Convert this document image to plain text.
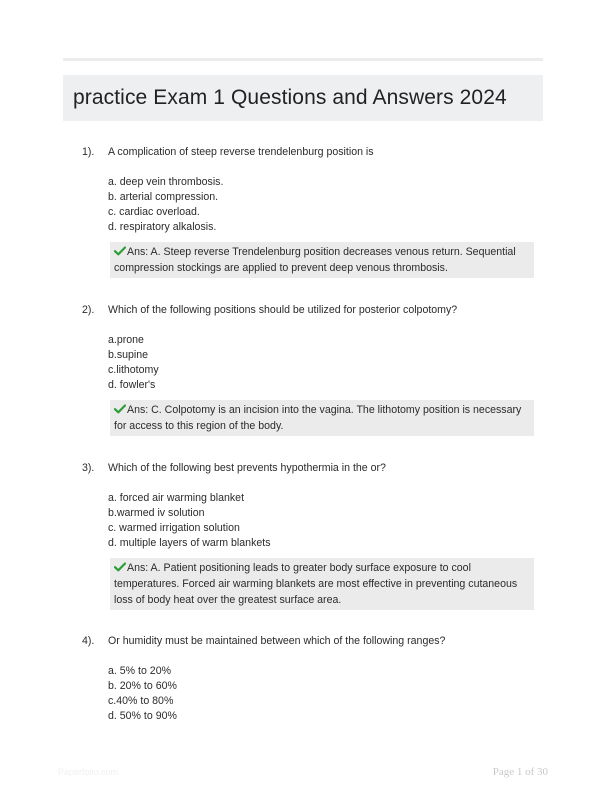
practice Exam 1 Questions and Answers 2024
1).	A complication of steep reverse trendelenburg position is
a. deep vein thrombosis.
b. arterial compression.
c. cardiac overload.
d. respiratory alkalosis.
Ans: A. Steep reverse Trendelenburg position decreases venous return. Sequential compression stockings are applied to prevent deep venous thrombosis.
2).	Which of the following positions should be utilized for posterior colpotomy?
a.prone
b.supine
c.lithotomy
d. fowler's
Ans: C. Colpotomy is an incision into the vagina. The lithotomy position is necessary for access to this region of the body.
3).	Which of the following best prevents hypothermia in the or?
a. forced air warming blanket
b.warmed iv solution
c. warmed irrigation solution
d. multiple layers of warm blankets
Ans: A. Patient positioning leads to greater body surface exposure to cool temperatures. Forced air warming blankets are most effective in preventing cutaneous loss of body heat over the greatest surface area.
4).	Or humidity must be maintained between which of the following ranges?
a. 5% to 20%
b. 20% to 60%
c.40% to 80%
d. 50% to 90%
Paperfolio.com	Page 1 of 30
